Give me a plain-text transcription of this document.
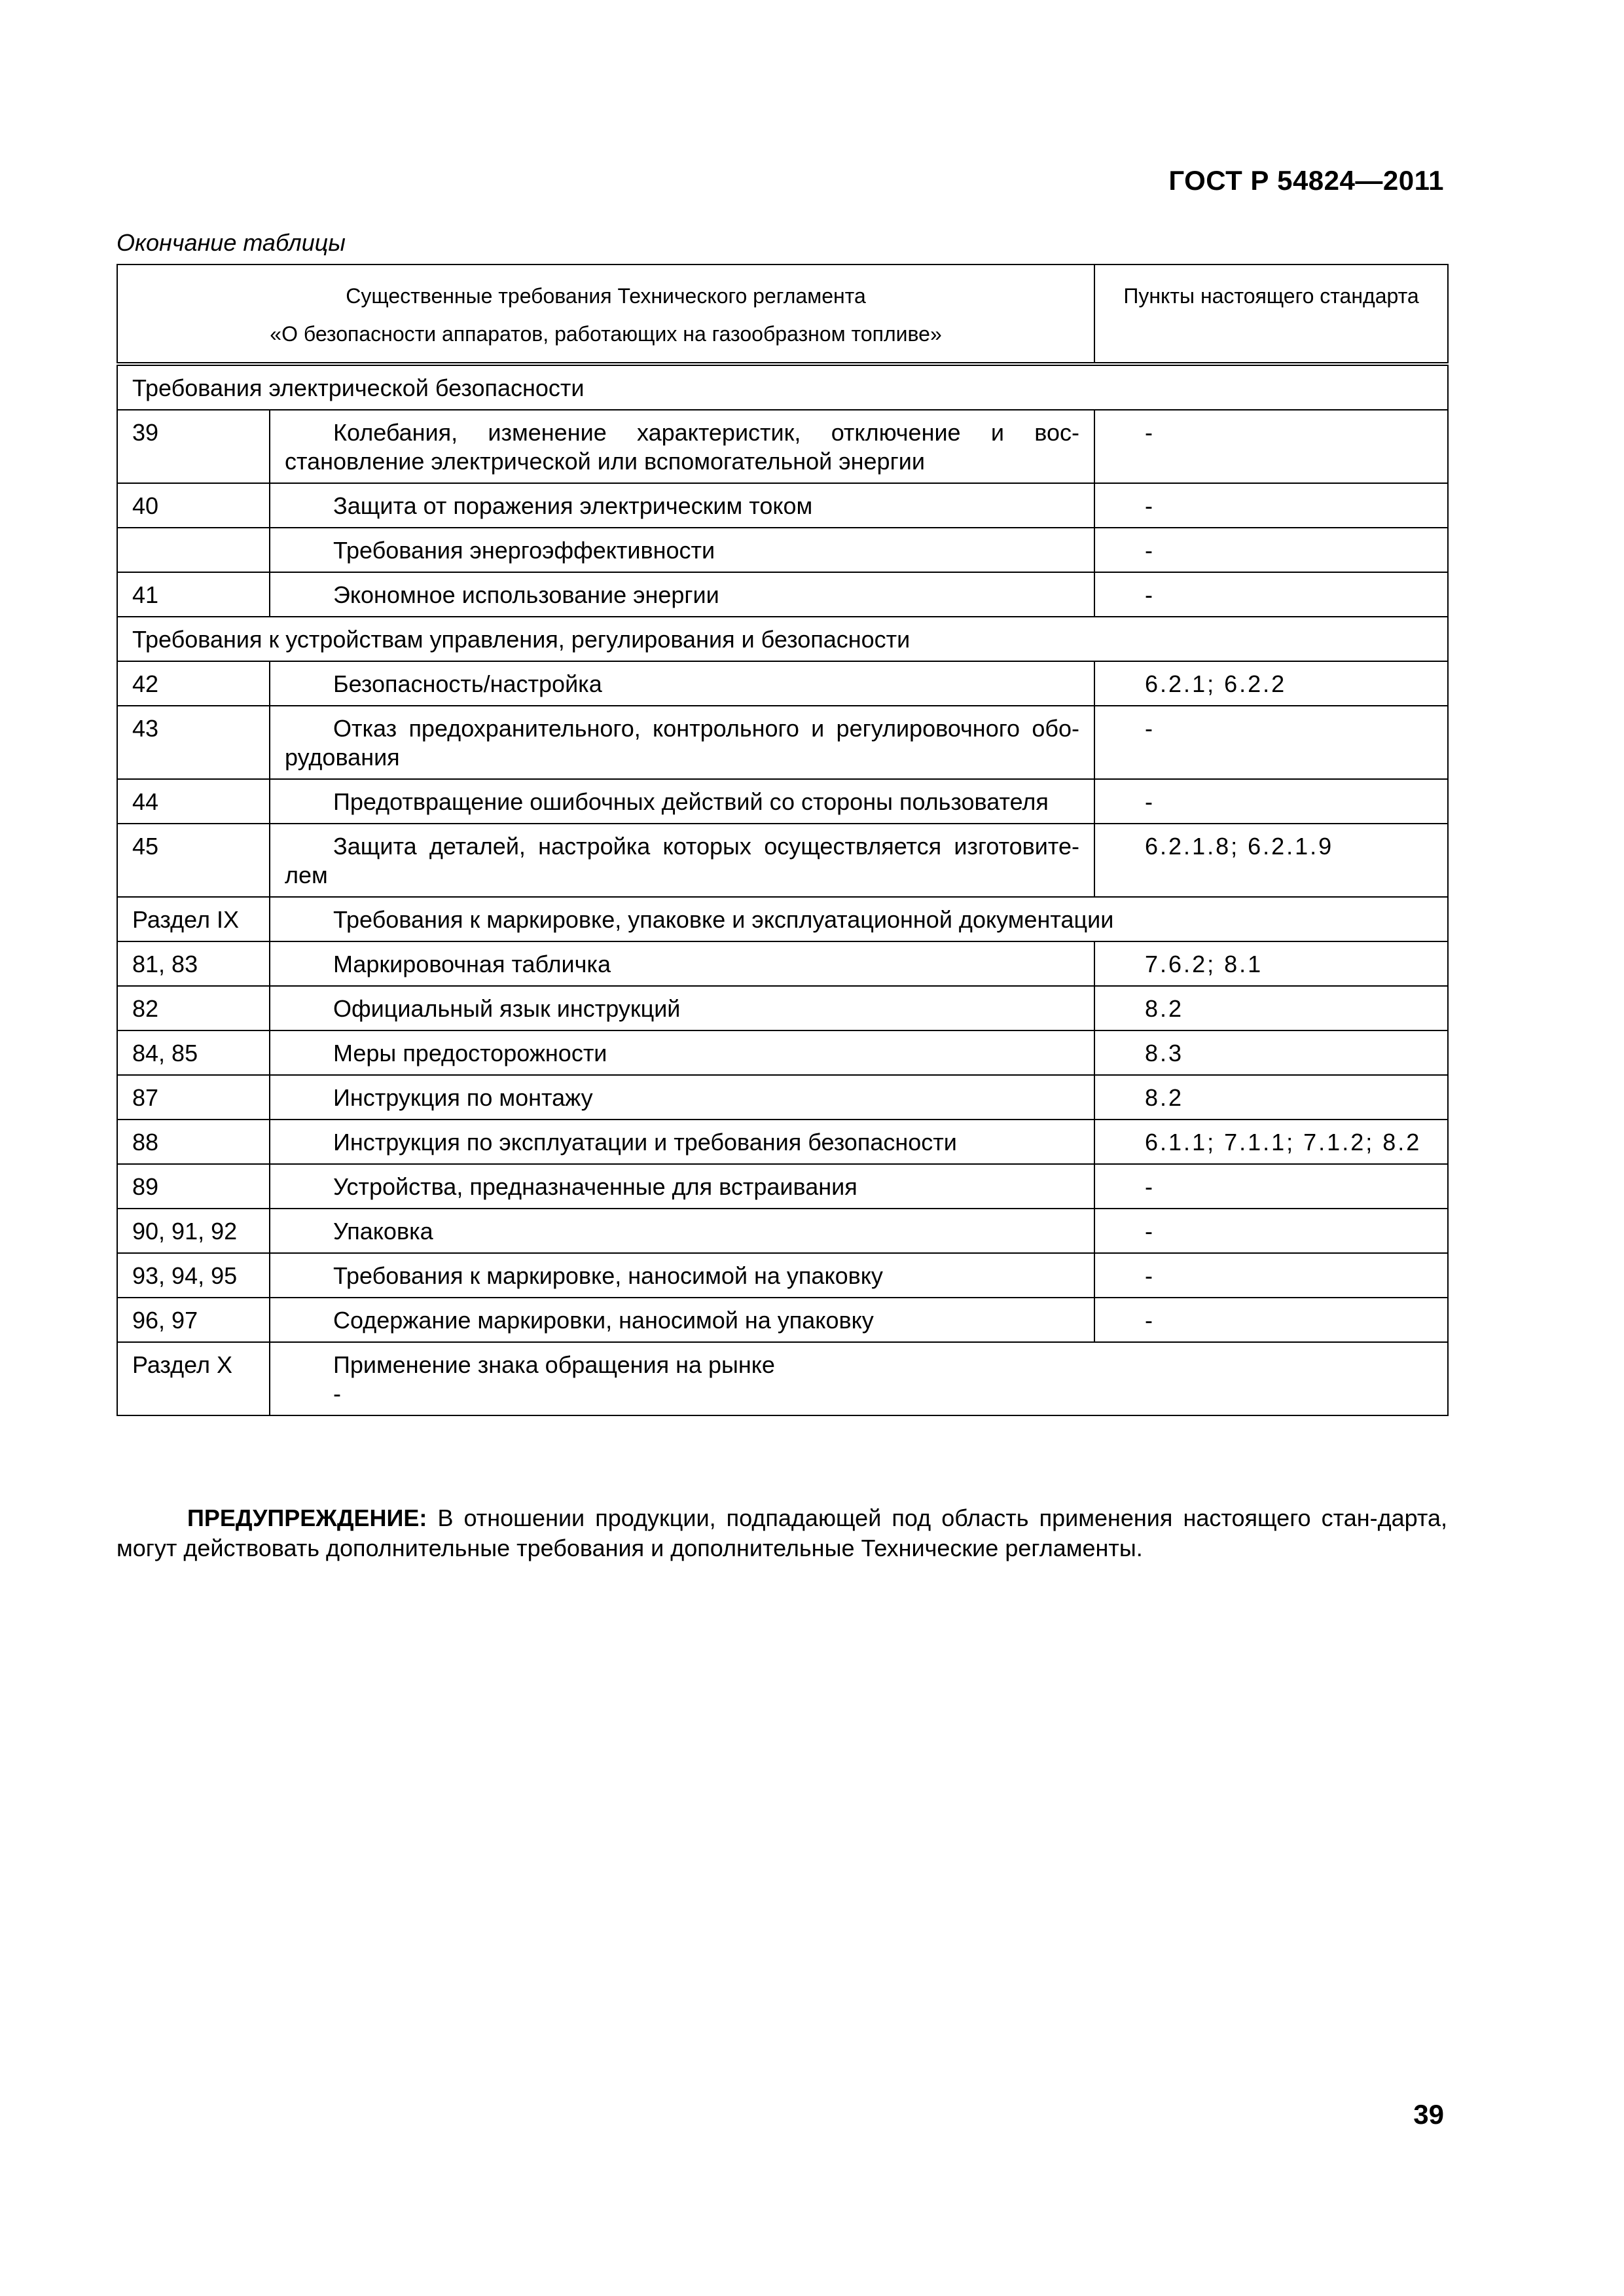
ГОСТ Р 54824—2011
Окончание таблицы
Существенные требования Технического регламента
«О безопасности аппаратов, работающих на газообразном топливе»		Пункты настоящего стандарта
Требования электрической безопасности		
39	Колебания, изменение характеристик, отключение и вос-становление электрической или вспомогательной энергии	-
40	Защита от поражения электрическим током	-
	Требования энергоэффективности	-
41	Экономное использование энергии	-
Требования к устройствам управления, регулирования и безопасности		
42	Безопасность/настройка	6.2.1; 6.2.2
43	Отказ предохранительного, контрольного и регулировочного обо-рудования	-
44	Предотвращение ошибочных действий со стороны пользователя	-
45	Защита деталей, настройка которых осуществляется изготовите-лем	6.2.1.8; 6.2.1.9
Раздел IX	Требования к маркировке, упаковке и эксплуатационной документации	

81, 83	Маркировочная табличка	7.6.2; 8.1
82	Официальный язык инструкций	8.2
84, 85	Меры предосторожности	8.3
87	Инструкция по монтажу	8.2
88	Инструкция по эксплуатации и требования безопасности	6.1.1; 7.1.1; 7.1.2; 8.2
89	Устройства, предназначенные для встраивания	-
90, 91, 92	Упаковка	-
93, 94, 95	Требования к маркировке, наносимой на упаковку	-
96, 97	Содержание маркировки, наносимой на упаковку	-
Раздел X	Применение знака обращения на рынке
-	
ПРЕДУПРЕЖДЕНИЕ: В отношении продукции, подпадающей под область применения настоящего стан-дарта, могут действовать дополнительные требования и дополнительные Технические регламенты.
39
